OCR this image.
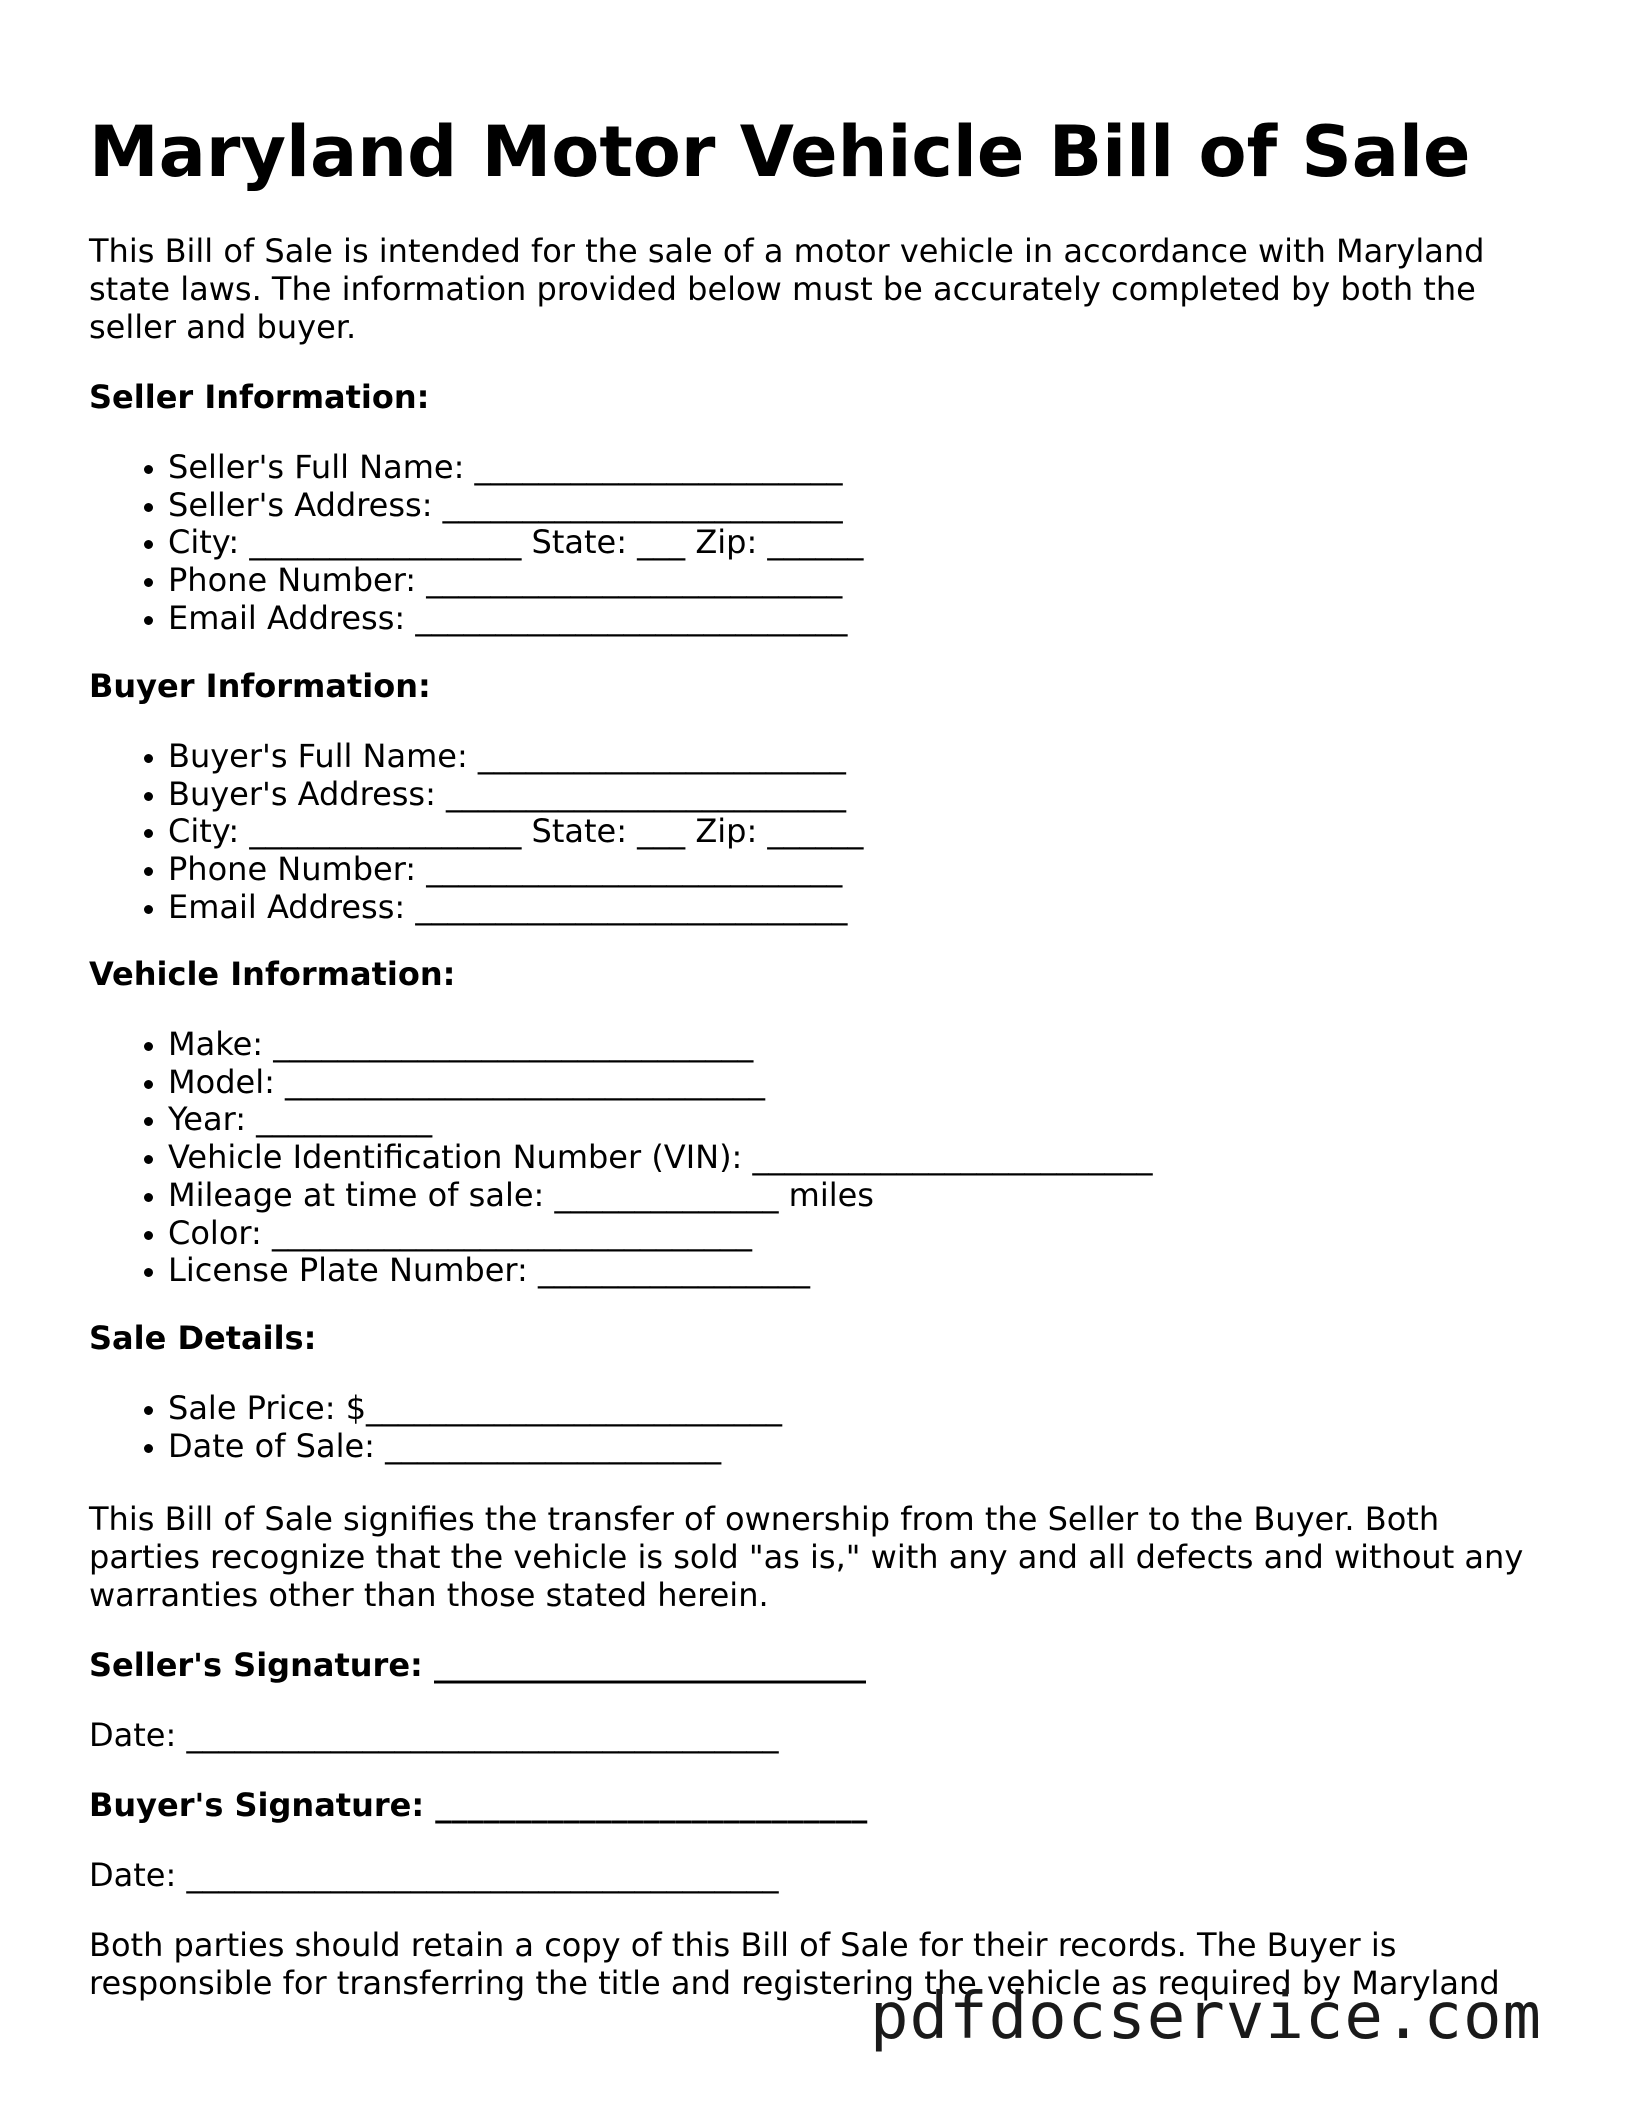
Maryland Motor Vehicle Bill of Sale

This Bill of Sale is intended for the sale of a motor vehicle in accordance with Maryland

state laws. The information provided below must be accurately completed by both the

seller and buyer.

Seller Information:

• Seller's Full Name: _______________________
• Seller's Address: _________________________
• City: _________________ State: ___ Zip: ______
• Phone Number: __________________________
• Email Address: ___________________________

Buyer Information:

• Buyer's Full Name: _______________________
• Buyer's Address: _________________________
• City: _________________ State: ___ Zip: ______
• Phone Number: __________________________
• Email Address: ___________________________

Vehicle Information:

• Make: ______________________________
• Model: ______________________________
• Year: ___________
• Vehicle Identification Number (VIN): _________________________
• Mileage at time of sale: ______________ miles
• Color: ______________________________
• License Plate Number: _________________

Sale Details:

• Sale Price: $__________________________
• Date of Sale: _____________________

This Bill of Sale signifies the transfer of ownership from the Seller to the Buyer. Both

parties recognize that the vehicle is sold "as is," with any and all defects and without any

warranties other than those stated herein.

Seller's Signature: ___________________________

Date: _____________________________________

Buyer's Signature: ___________________________

Date: _____________________________________

Both parties should retain a copy of this Bill of Sale for their records. The Buyer is

responsible for transferring the title and registering the vehicle as required by Maryland

pdfdocservice.com
